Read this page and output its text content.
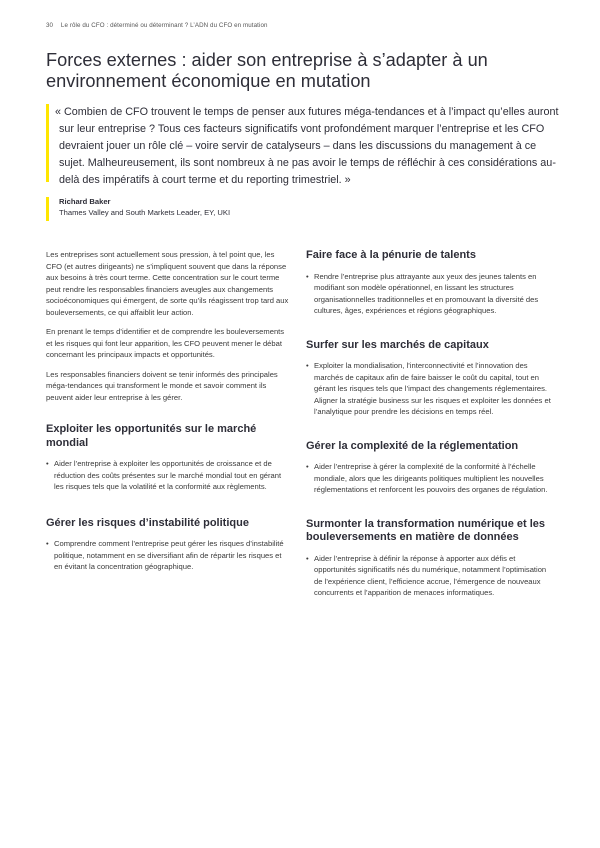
30 Le rôle du CFO : déterminé ou déterminant ? L’ADN du CFO en mutation
Forces externes : aider son entreprise à s’adapter à un environnement économique en mutation
« Combien de CFO trouvent le temps de penser aux futures méga-tendances et à l’impact qu’elles auront sur leur entreprise ? Tous ces facteurs significatifs vont profondément marquer l’entreprise et les CFO devraient jouer un rôle clé – voire servir de catalyseurs – dans les discussions du management à ce sujet. Malheureusement, ils sont nombreux à ne pas avoir le temps de réfléchir à ces considérations au-delà des impératifs à court terme et du reporting trimestriel. »
Richard Baker
Thames Valley and South Markets Leader, EY, UKI

Les entreprises sont actuellement sous pression, à tel point que, les CFO (et autres dirigeants) ne s’impliquent souvent que dans la réponse aux besoins à très court terme. Cette concentration sur le court terme peut rendre les responsables financiers aveugles aux changements socioéconomiques qui émergent, de sorte qu’ils réagissent trop tard aux bouleversements, ce qui affaiblit leur action.

En prenant le temps d’identifier et de comprendre les bouleversements et les risques qui font leur apparition, les CFO peuvent mener le débat concernant les principaux impacts et opportunités.

Les responsables financiers doivent se tenir informés des principales méga-tendances qui transforment le monde et savoir comment ils peuvent aider leur entreprise à les gérer.

Exploiter les opportunités sur le marché mondial

• Aider l’entreprise à exploiter les opportunités de croissance et de réduction des coûts présentes sur le marché mondial tout en gérant les risques tels que la volatilité et la conformité aux règlements.

Gérer les risques d’instabilité politique

• Comprendre comment l’entreprise peut gérer les risques d’instabilité politique, notamment en se diversifiant afin de répartir les risques et en évitant la concentration géographique.

Faire face à la pénurie de talents

• Rendre l’entreprise plus attrayante aux yeux des jeunes talents en modifiant son modèle opérationnel, en lissant les structures organisationnelles traditionnelles et en promouvant la diversité des cultures, âges, expériences et régions géographiques.

Surfer sur les marchés de capitaux

• Exploiter la mondialisation, l’interconnectivité et l’innovation des marchés de capitaux afin de faire baisser le coût du capital, tout en gérant les risques tels que l’impact des changements réglementaires. Aligner la stratégie business sur les risques et exploiter les données et l’analytique pour prendre les décisions en temps réel.

Gérer la complexité de la réglementation

• Aider l’entreprise à gérer la complexité de la conformité à l’échelle mondiale, alors que les dirigeants politiques multiplient les nouvelles réglementations et renforcent les pouvoirs des organes de régulation.

Surmonter la transformation numérique et les bouleversements en matière de données

• Aider l’entreprise à définir la réponse à apporter aux défis et opportunités significatifs nés du numérique, notamment l’optimisation de l’expérience client, l’efficience accrue, l’émergence de nouveaux concurrents et l’apparition de menaces informatiques.
